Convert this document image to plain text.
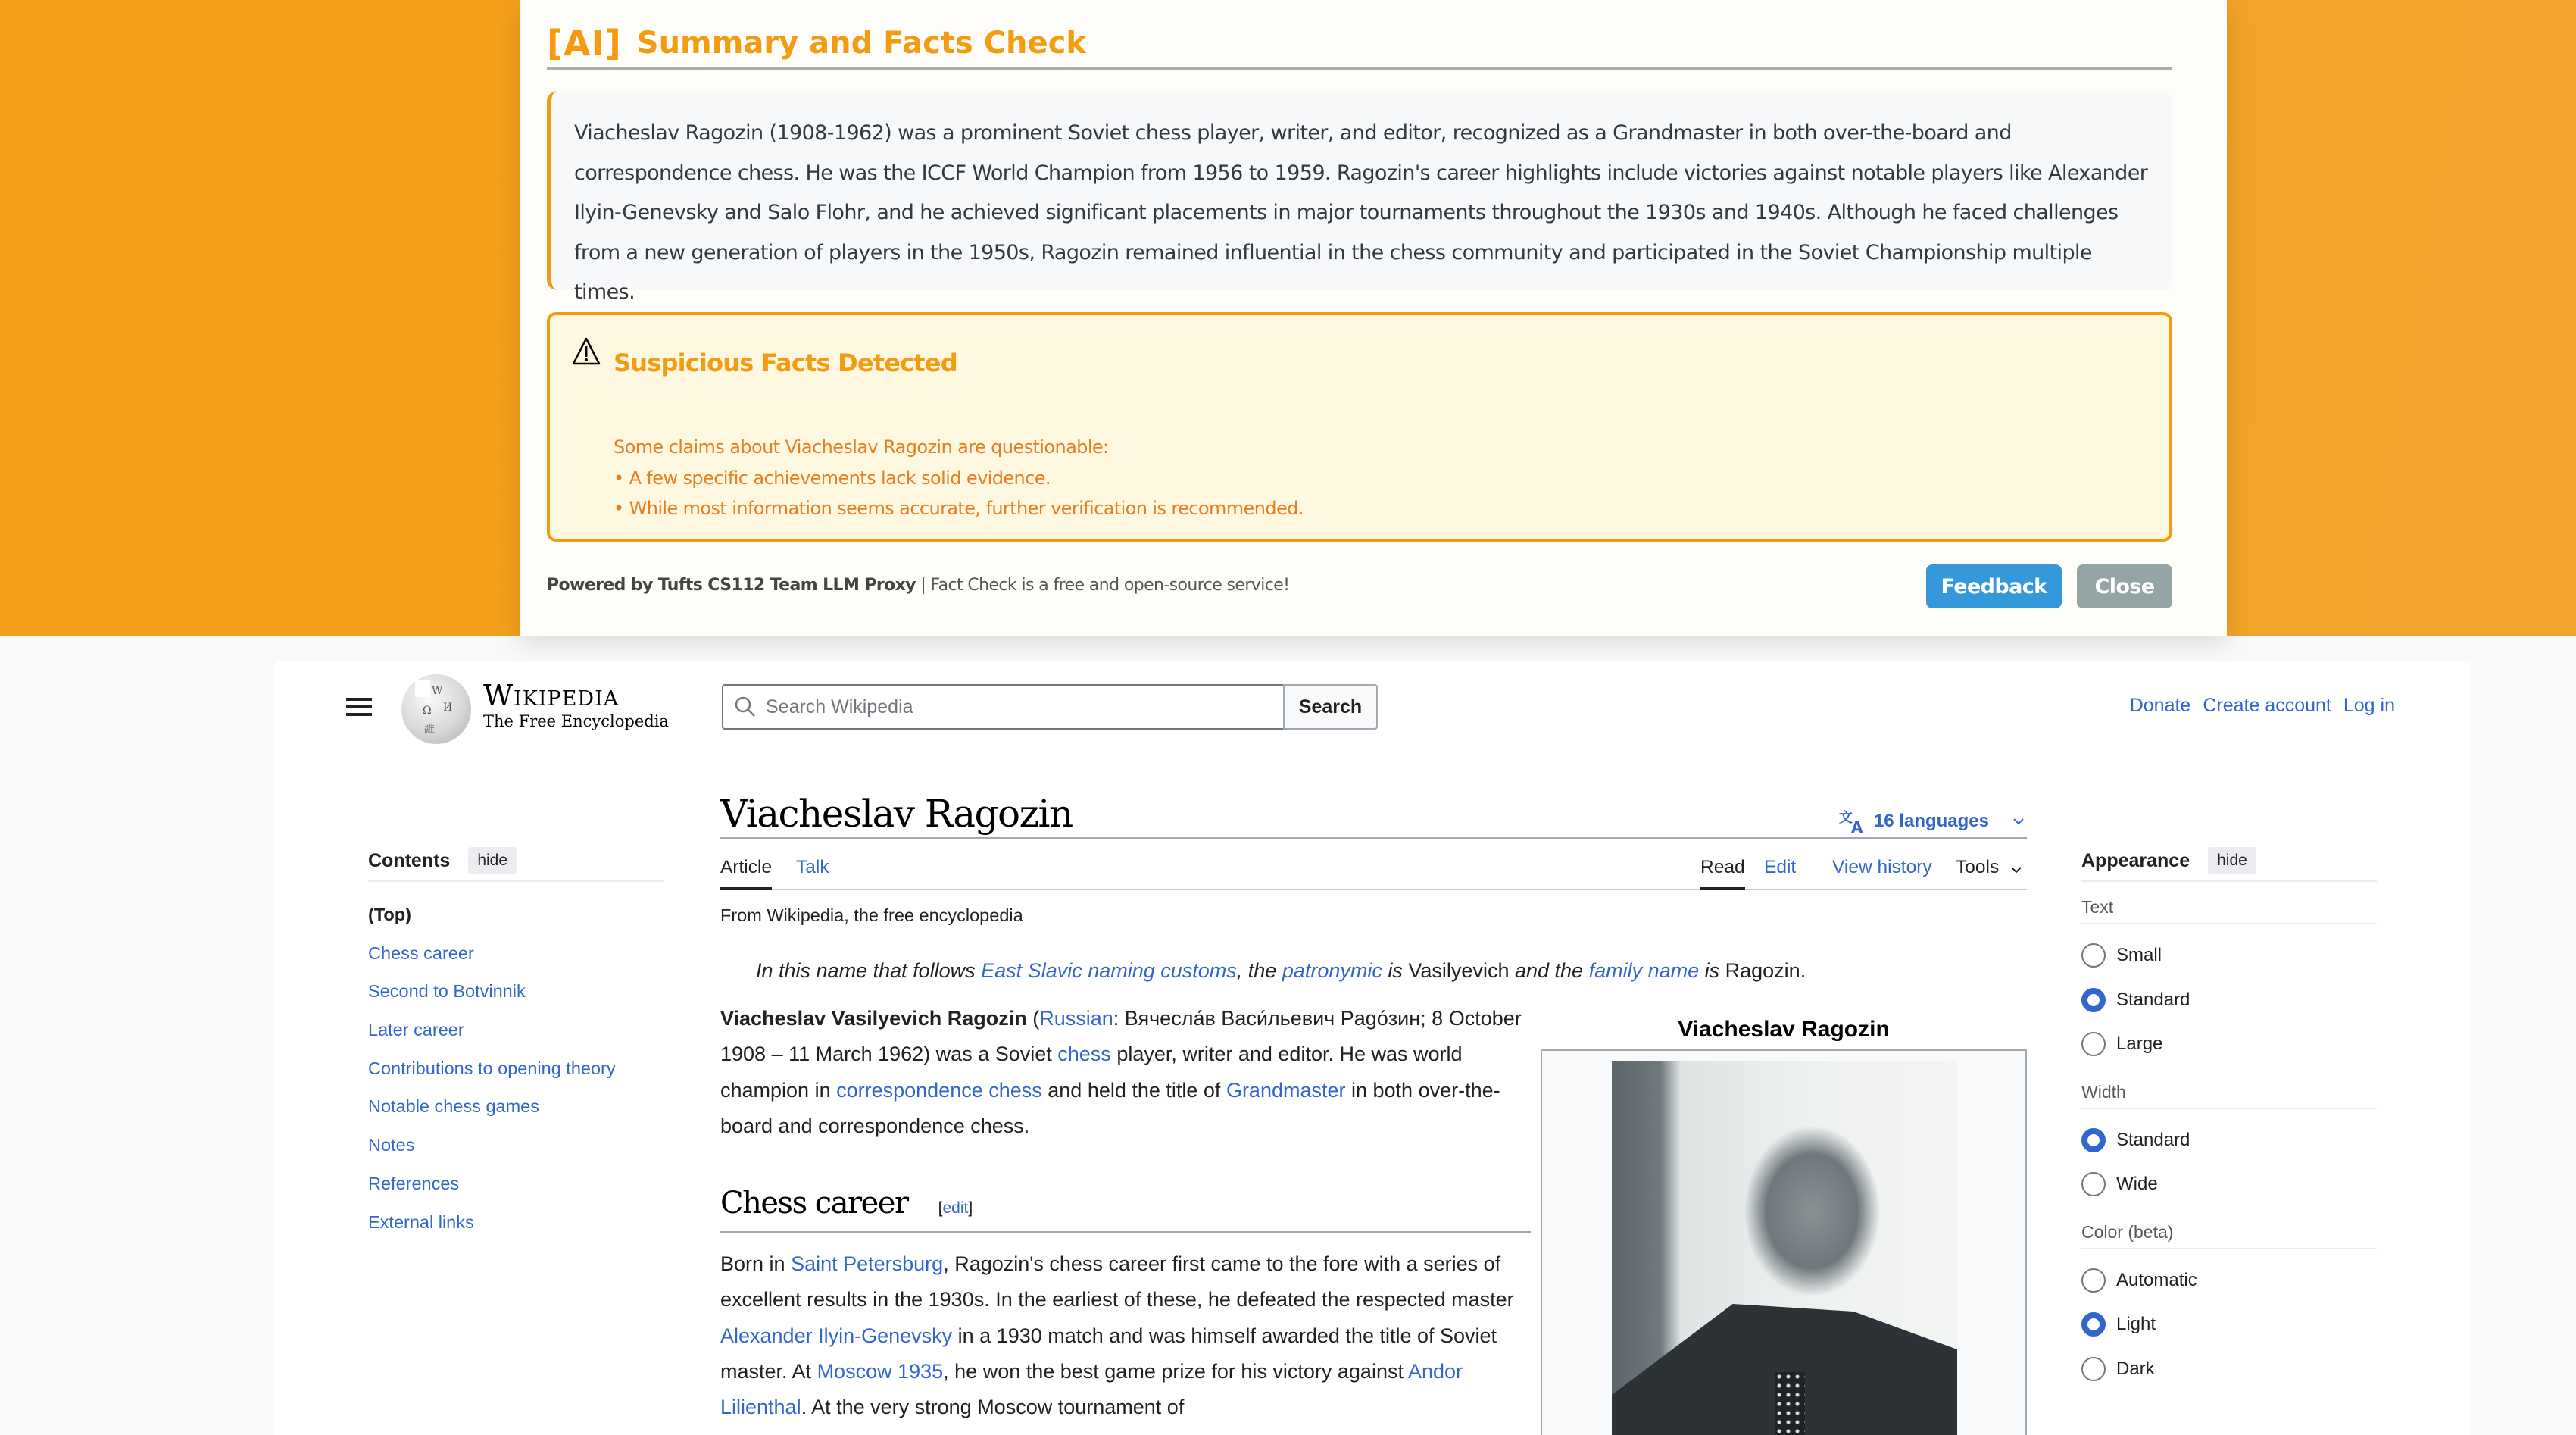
[AI] Summary and Facts Check
Viacheslav Ragozin (1908-1962) was a prominent Soviet chess player, writer, and editor, recognized as a Grandmaster in both over-the-board and correspondence chess. He was the ICCF World Champion from 1956 to 1959. Ragozin's career highlights include victories against notable players like Alexander Ilyin-Genevsky and Salo Flohr, and he achieved significant placements in major tournaments throughout the 1930s and 1940s. Although he faced challenges from a new generation of players in the 1950s, Ragozin remained influential in the chess community and participated in the Soviet Championship multiple times.
Suspicious Facts Detected
Some claims about Viacheslav Ragozin are questionable:
• A few specific achievements lack solid evidence.
• While most information seems accurate, further verification is recommended.
Powered by Tufts CS112 Team LLM Proxy | Fact Check is a free and open-source service!	Feedback	Close
W
Ω И
維
Wikipedia
The Free Encyclopedia
Search Wikipedia
Search	Donate Create account Log in
Contents	hide
(Top)
Chess career
Second to Botvinnik
Later career
Contributions to opening theory
Notable chess games
Notes
References
External links
Viacheslav Ragozin	文
A 16 languages
Article Talk	Read Edit View history Tools
From Wikipedia, the free encyclopedia
In this name that follows East Slavic naming customs, the patronymic is Vasilyevich and the family name is Ragozin.
Viacheslav Vasilyevich Ragozin (Russian: Вячесла́в Васи́льевич Рagóзин; 8 October 1908 – 11 March 1962) was a Soviet chess player, writer and editor. He was world champion in correspondence chess and held the title of Grandmaster in both over-the-board and correspondence chess.
Chess career [edit]
Born in Saint Petersburg, Ragozin's chess career first came to the fore with a series of excellent results in the 1930s. In the earliest of these, he defeated the respected master Alexander Ilyin-Genevsky in a 1930 match and was himself awarded the title of Soviet master. At Moscow 1935, he won the best game prize for his victory against Andor Lilienthal. At the very strong Moscow tournament of
Viacheslav Ragozin
Appearance	hide
Text
Small
Standard
Large
Width
Standard
Wide
Color (beta)
Automatic
Light
Dark
